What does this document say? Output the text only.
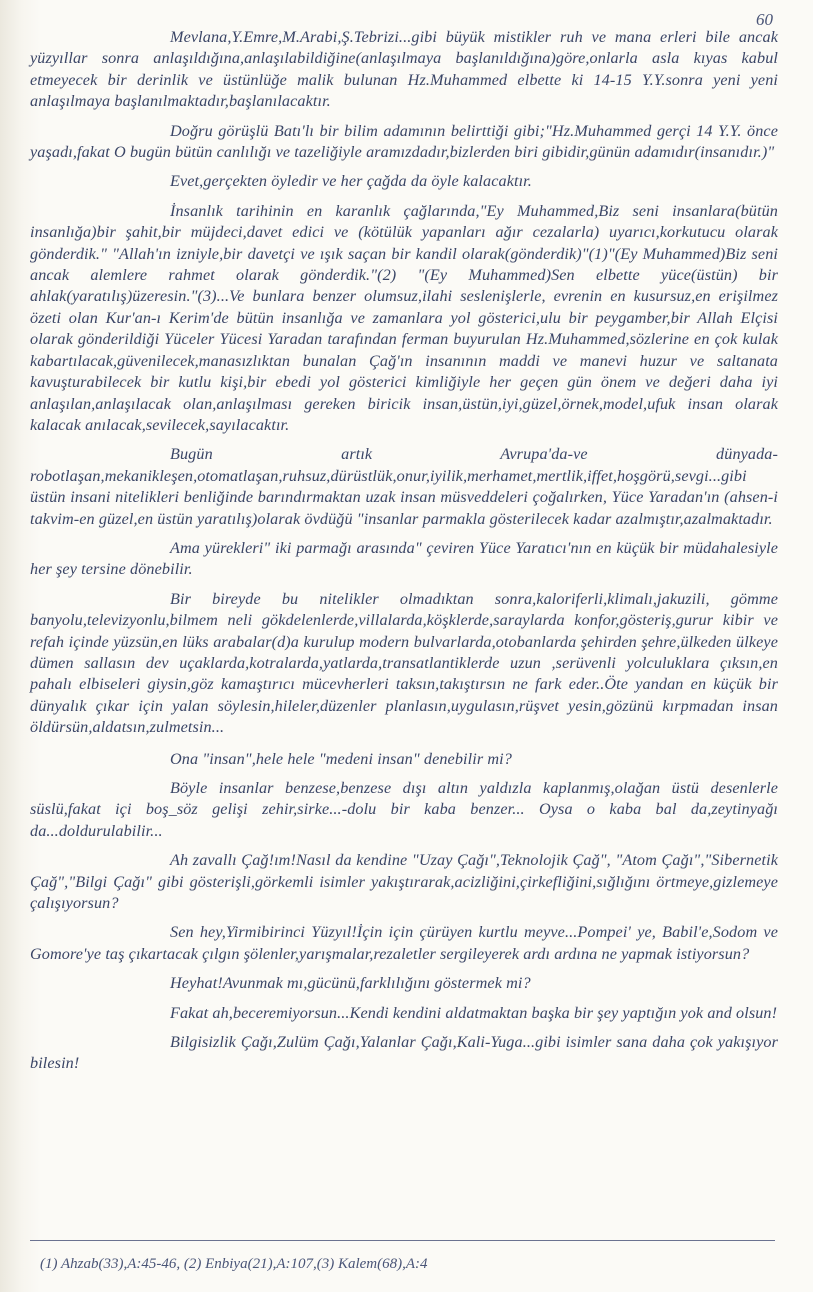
60

Mevlana,Y.Emre,M.Arabi,Ş.Tebrizi...gibi büyük mistikler ruh ve mana erleri bile ancak yüzyıllar sonra anlaşıldığına,anlaşılabildiğine(anlaşılmaya başlanıldığına)göre,onlarla asla kıyas kabul etmeyecek bir derinlik ve üstünlüğe malik bulunan Hz.Muhammed elbette ki 14-15 Y.Y.sonra yeni yeni anlaşılmaya başlanılmaktadır,başlanılacaktır.

Doğru görüşlü Batı'lı bir bilim adamının belirttiği gibi;"Hz.Muhammed gerçi 14 Y.Y. önce yaşadı,fakat O bugün bütün canlılığı ve tazeliğiyle aramızdadır,bizlerden biri gibidir,günün adamıdır(insanıdır.)"

Evet,gerçekten öyledir ve her çağda da öyle kalacaktır.

İnsanlık tarihinin en karanlık çağlarında,"Ey Muhammed,Biz seni insanlara(bütün insanlığa)bir şahit,bir müjdeci,davet edici ve (kötülük yapanları ağır cezalarla) uyarıcı,korkutucu olarak gönderdik." "Allah'ın izniyle,bir davetçi ve ışık saçan bir kandil olarak(gönderdik)"(1)"(Ey Muhammed)Biz seni ancak alemlere rahmet olarak gönderdik."(2) "(Ey Muhammed)Sen elbette yüce(üstün) bir ahlak(yaratılış)üzeresin."(3)...Ve bunlara benzer olumsuz,ilahi seslenişlerle, evrenin en kusursuz,en erişilmez özeti olan Kur'an-ı Kerim'de bütün insanlığa ve zamanlara yol gösterici,ulu bir peygamber,bir Allah Elçisi olarak gönderildiği Yüceler Yücesi Yaradan tarafından ferman buyurulan Hz.Muhammed,sözlerine en çok kulak kabartılacak,güvenilecek,manasızlıktan bunalan Çağ'ın insanının maddi ve manevi huzur ve saltanata kavuşturabilecek bir kutlu kişi,bir ebedi yol gösterici kimliğiyle her geçen gün önem ve değeri daha iyi anlaşılan,anlaşılacak olan,anlaşılması gereken biricik insan,üstün,iyi,güzel,örnek,model,ufuk insan olarak kalacak anılacak,sevilecek,sayılacaktır.

Bugün artık Avrupa'da-ve dünyada-robotlaşan,mekanikleşen,otomatlaşan,ruhsuz,dürüstlük,onur,iyilik,merhamet,mertlik,iffet,hoşgörü,sevgi...gibi üstün insani nitelikleri benliğinde barındırmaktan uzak insan müsveddeleri çoğalırken, Yüce Yaradan'ın (ahsen-i takvim-en güzel,en üstün yaratılış)olarak övdüğü "insanlar parmakla gösterilecek kadar azalmıştır,azalmaktadır.

Ama yürekleri" iki parmağı arasında" çeviren Yüce Yaratıcı'nın en küçük bir müdahalesiyle her şey tersine dönebilir.

Bir bireyde bu nitelikler olmadıktan sonra,kaloriferli,klimalı,jakuzili, gömme banyolu,televizyonlu,bilmem neli gökdelenlerde,villalarda,köşklerde,saraylarda konfor,gösteriş,gurur kibir ve refah içinde yüzsün,en lüks arabalar(d)a kurulup modern bulvarlarda,otobanlarda şehirden şehre,ülkeden ülkeye dümen sallasın dev uçaklarda,kotralarda,yatlarda,transatlantiklerde uzun ,serüvenli yolculuklara çıksın,en pahalı elbiseleri giysin,göz kamaştırıcı mücevherleri taksın,takıştırsın ne fark eder..Öte yandan en küçük bir dünyalık çıkar için yalan söylesin,hileler,düzenler planlasın,uygulasın,rüşvet yesin,gözünü kırpmadan insan öldürsün,aldatsın,zulmetsin...

Ona "insan",hele hele "medeni insan" denebilir mi?

Böyle insanlar benzese,benzese dışı altın yaldızla kaplanmış,olağan üstü desenlerle süslü,fakat içi boş_söz gelişi zehir,sirke...-dolu bir kaba benzer... Oysa o kaba bal da,zeytinyağı da...doldurulabilir...

Ah zavallı Çağ!ım!Nasıl da kendine "Uzay Çağı",Teknolojik Çağ", "Atom Çağı","Sibernetik Çağ","Bilgi Çağı" gibi gösterişli,görkemli isimler yakıştırarak,acizliğini,çirkefliğini,sığlığını örtmeye,gizlemeye çalışıyorsun?

Sen hey,Yirmibirinci Yüzyıl!İçin için çürüyen kurtlu meyve...Pompei' ye, Babil'e,Sodom ve Gomore'ye taş çıkartacak çılgın şölenler,yarışmalar,rezaletler sergileyerek ardı ardına ne yapmak istiyorsun?

Heyhat!Avunmak mı,gücünü,farklılığını göstermek mi?

Fakat ah,beceremiyorsun...Kendi kendini aldatmaktan başka bir şey yaptığın yok and olsun!

Bilgisizlik Çağı,Zulüm Çağı,Yalanlar Çağı,Kali-Yuga...gibi isimler sana daha çok yakışıyor bilesin!

(1) Ahzab(33),A:45-46, (2) Enbiya(21),A:107,(3) Kalem(68),A:4
